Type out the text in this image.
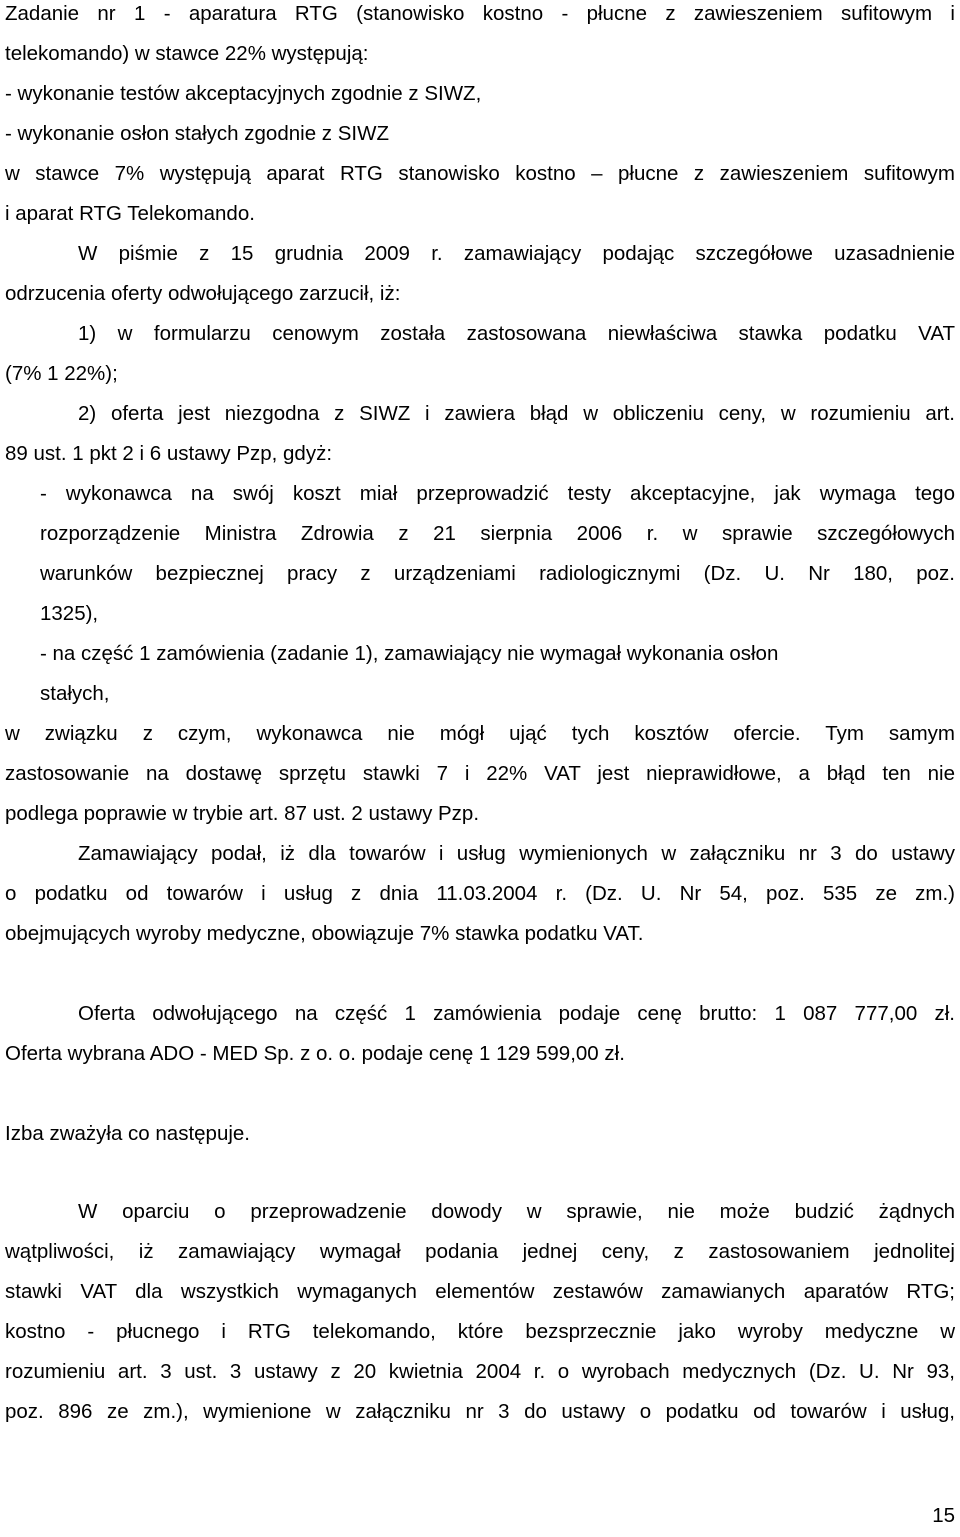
Zadanie nr 1 - aparatura RTG (stanowisko kostno - płucne z zawieszeniem sufitowym i
telekomando) w stawce 22% występują:
- wykonanie testów akceptacyjnych zgodnie z SIWZ,
- wykonanie osłon stałych zgodnie z SIWZ
w stawce 7% występują aparat RTG stanowisko kostno – płucne z zawieszeniem sufitowym
i aparat RTG Telekomando.
W piśmie z 15 grudnia 2009 r. zamawiający podając szczegółowe uzasadnienie
odrzucenia oferty odwołującego zarzucił, iż:
1) w formularzu cenowym została zastosowana niewłaściwa stawka podatku VAT
(7% 1 22%);
2) oferta jest niezgodna z SIWZ i zawiera błąd w obliczeniu ceny, w rozumieniu art.
89 ust. 1 pkt 2 i 6 ustawy Pzp, gdyż:
- wykonawca na swój koszt miał przeprowadzić testy akceptacyjne, jak wymaga tego
rozporządzenie Ministra Zdrowia z 21 sierpnia 2006 r. w sprawie szczegółowych
warunków bezpiecznej pracy z urządzeniami radiologicznymi (Dz. U. Nr 180, poz.
1325),
- na część 1 zamówienia (zadanie 1), zamawiający nie wymagał wykonania osłon
stałych,
w związku z czym, wykonawca nie mógł ująć tych kosztów ofercie. Tym samym
zastosowanie na dostawę sprzętu stawki 7 i 22% VAT jest nieprawidłowe, a błąd ten nie
podlega poprawie w trybie art. 87 ust. 2 ustawy Pzp.
Zamawiający podał, iż dla towarów i usług wymienionych w załączniku nr 3 do ustawy
o podatku od towarów i usług z dnia 11.03.2004 r. (Dz. U. Nr 54, poz. 535 ze zm.)
obejmujących wyroby medyczne, obowiązuje 7% stawka podatku VAT.
Oferta odwołującego na część 1 zamówienia podaje cenę brutto: 1 087 777,00 zł.
Oferta wybrana ADO - MED Sp. z o. o. podaje cenę 1 129 599,00 zł.
Izba zważyła co następuje.
W oparciu o przeprowadzenie dowody w sprawie, nie może budzić żądnych
wątpliwości, iż zamawiający wymagał podania jednej ceny, z zastosowaniem jednolitej
stawki VAT dla wszystkich wymaganych elementów zestawów zamawianych aparatów RTG;
kostno - płucnego i RTG telekomando, które bezsprzecznie jako wyroby medyczne w
rozumieniu art. 3 ust. 3 ustawy z 20 kwietnia 2004 r. o wyrobach medycznych (Dz. U. Nr 93,
poz. 896 ze zm.), wymienione w załączniku nr 3 do ustawy o podatku od towarów i usług,
15
